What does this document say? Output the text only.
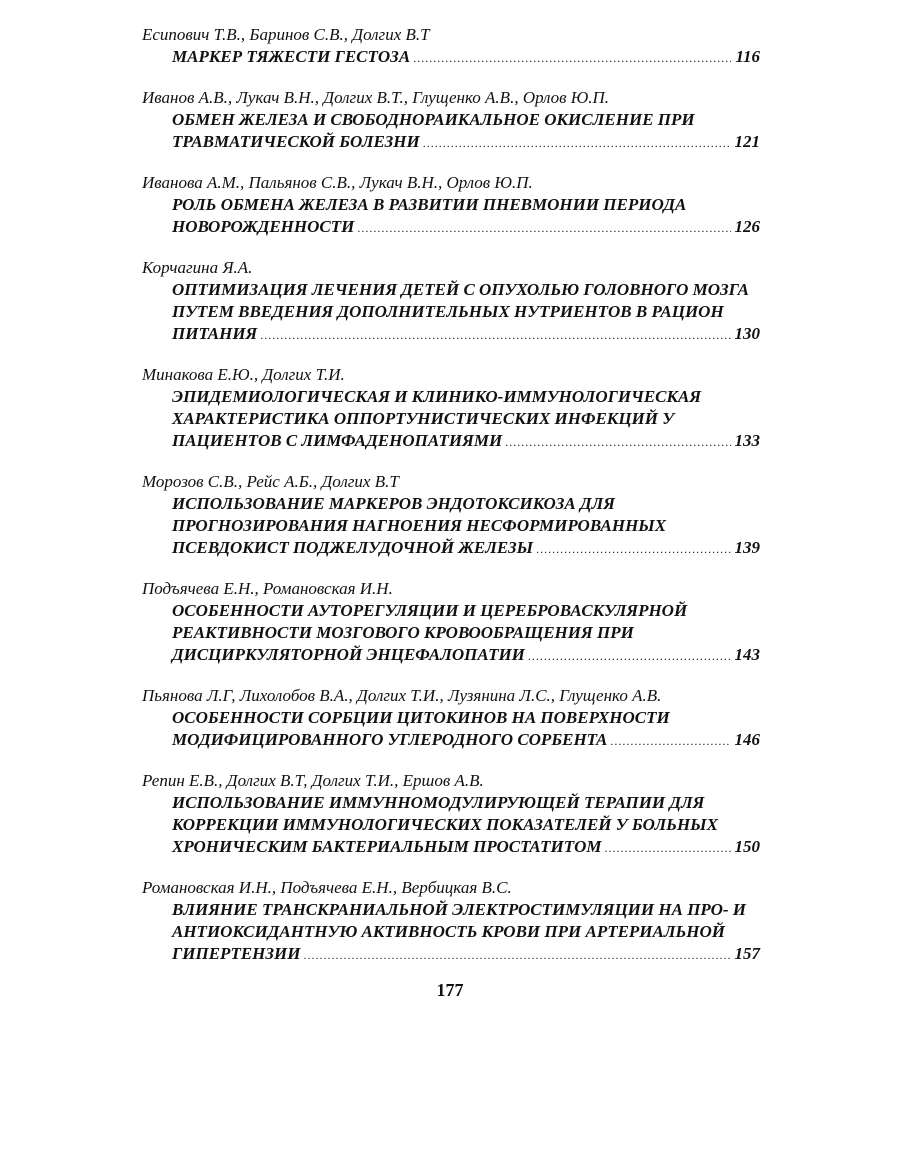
Есипович Т.В., Баринов С.В., Долгих В.Т
МАРКЕР ТЯЖЕСТИ ГЕСТОЗА .....	116
Иванов А.В., Лукач В.Н., Долгих В.Т., Глущенко А.В., Орлов Ю.П.
ОБМЕН ЖЕЛЕЗА И СВОБОДНОРАИКАЛЬНОЕ ОКИСЛЕНИЕ ПРИ
ТРАВМАТИЧЕСКОЙ БОЛЕЗНИ .....	121
Иванова А.М., Пальянов С.В., Лукач В.Н., Орлов Ю.П.
РОЛЬ ОБМЕНА ЖЕЛЕЗА В РАЗВИТИИ ПНЕВМОНИИ ПЕРИОДА
НОВОРОЖДЕННОСТИ .....	126
Корчагина Я.А.
ОПТИМИЗАЦИЯ ЛЕЧЕНИЯ ДЕТЕЙ С ОПУХОЛЬЮ ГОЛОВНОГО МОЗГА
ПУТЕМ ВВЕДЕНИЯ ДОПОЛНИТЕЛЬНЫХ НУТРИЕНТОВ В РАЦИОН
ПИТАНИЯ .....	130
Минакова Е.Ю., Долгих Т.И.
ЭПИДЕМИОЛОГИЧЕСКАЯ И КЛИНИКО-ИММУНОЛОГИЧЕСКАЯ
ХАРАКТЕРИСТИКА ОППОРТУНИСТИЧЕСКИХ ИНФЕКЦИЙ У
ПАЦИЕНТОВ С ЛИМФАДЕНОПАТИЯМИ .....	133
Морозов С.В., Рейс А.Б., Долгих В.Т
ИСПОЛЬЗОВАНИЕ МАРКЕРОВ ЭНДОТОКСИКОЗА ДЛЯ
ПРОГНОЗИРОВАНИЯ НАГНОЕНИЯ НЕСФОРМИРОВАННЫХ
ПСЕВДОКИСТ ПОДЖЕЛУДОЧНОЙ ЖЕЛЕЗЫ .....	139
Подъячева Е.Н., Романовская И.Н.
ОСОБЕННОСТИ АУТОРЕГУЛЯЦИИ И ЦЕРЕБРОВАСКУЛЯРНОЙ
РЕАКТИВНОСТИ МОЗГОВОГО КРОВООБРАЩЕНИЯ ПРИ
ДИСЦИРКУЛЯТОРНОЙ ЭНЦЕФАЛОПАТИИ .....	143
Пьянова Л.Г, Лихолобов В.А., Долгих Т.И., Лузянина Л.С., Глущенко А.В.
ОСОБЕННОСТИ СОРБЦИИ ЦИТОКИНОВ НА ПОВЕРХНОСТИ
МОДИФИЦИРОВАННОГО УГЛЕРОДНОГО СОРБЕНТА .....	146
Репин Е.В., Долгих В.Т, Долгих Т.И., Ершов А.В.
ИСПОЛЬЗОВАНИЕ ИММУННОМОДУЛИРУЮЩЕЙ ТЕРАПИИ ДЛЯ
КОРРЕКЦИИ ИММУНОЛОГИЧЕСКИХ ПОКАЗАТЕЛЕЙ У БОЛЬНЫХ
ХРОНИЧЕСКИМ БАКТЕРИАЛЬНЫМ ПРОСТАТИТОМ .....	150
Романовская И.Н., Подъячева Е.Н., Вербицкая В.С.
ВЛИЯНИЕ ТРАНСКРАНИАЛЬНОЙ ЭЛЕКТРОСТИМУЛЯЦИИ НА ПРО- И
АНТИОКСИДАНТНУЮ АКТИВНОСТЬ КРОВИ ПРИ АРТЕРИАЛЬНОЙ
ГИПЕРТЕНЗИИ .....	157
177
